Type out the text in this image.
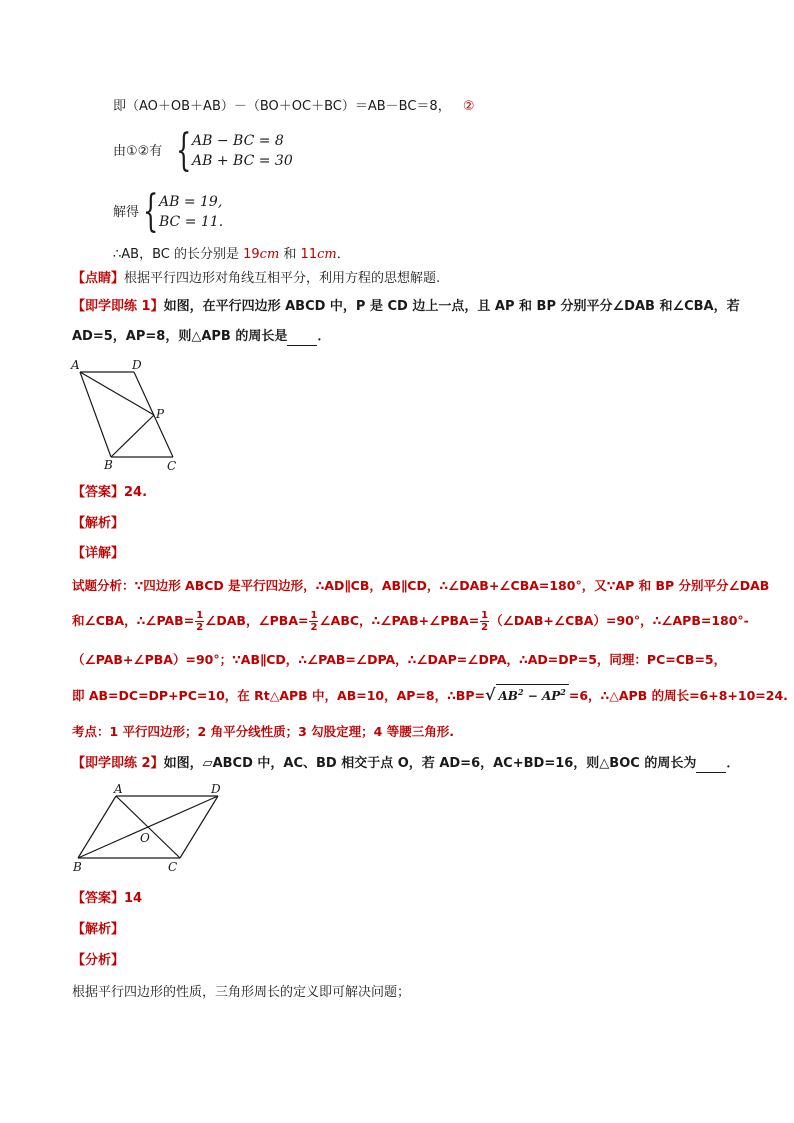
即（AO＋OB＋AB）－（BO＋OC＋BC）＝AB－BC＝8， ②
由①②有 { AB − BC = 8
AB + BC = 30
解得 { AB = 19,
BC = 11.
∴AB，BC 的长分别是 19cm 和 11cm．
【点睛】根据平行四边形对角线互相平分，利用方程的思想解题.
【即学即练 1】如图，在平行四边形 ABCD 中，P 是 CD 边上一点，且 AP 和 BP 分别平分∠DAB 和∠CBA，若
AD=5，AP=8，则△APB 的周长是 ．
A	D
P
B	C
【答案】24.
【解析】
【详解】
试题分析：∵四边形 ABCD 是平行四边形，∴AD∥CB，AB∥CD，∴∠DAB+∠CBA=180°，又∵AP 和 BP 分别平分∠DAB
和∠CBA，∴∠PAB= $\frac{1}{2}$ ∠DAB，∠PBA= $\frac{1}{2}$ ∠ABC，∴∠PAB+∠PBA= $\frac{1}{2}$ （∠DAB+∠CBA）=90°，∴∠APB=180°-
（∠PAB+∠PBA）=90°；∵AB∥CD，∴∠PAB=∠DPA，∴∠DAP=∠DPA，∴AD=DP=5，同理：PC=CB=5，
即 AB=DC=DP+PC=10，在 Rt△APB 中，AB=10，AP=8，∴BP=√ $AB^2 - AP^2 =6$，∴△APB 的周长=6+8+10=24.
考点：1 平行四边形；2 角平分线性质；3 勾股定理；4 等腰三角形.
【即学即练 2】如图，▱ABCD 中，AC、BD 相交于点 O，若 AD=6，AC+BD=16，则△BOC 的周长为 ．
A	D
O
B	C
【答案】14
【解析】
【分析】
根据平行四边形的性质，三角形周长的定义即可解决问题；
